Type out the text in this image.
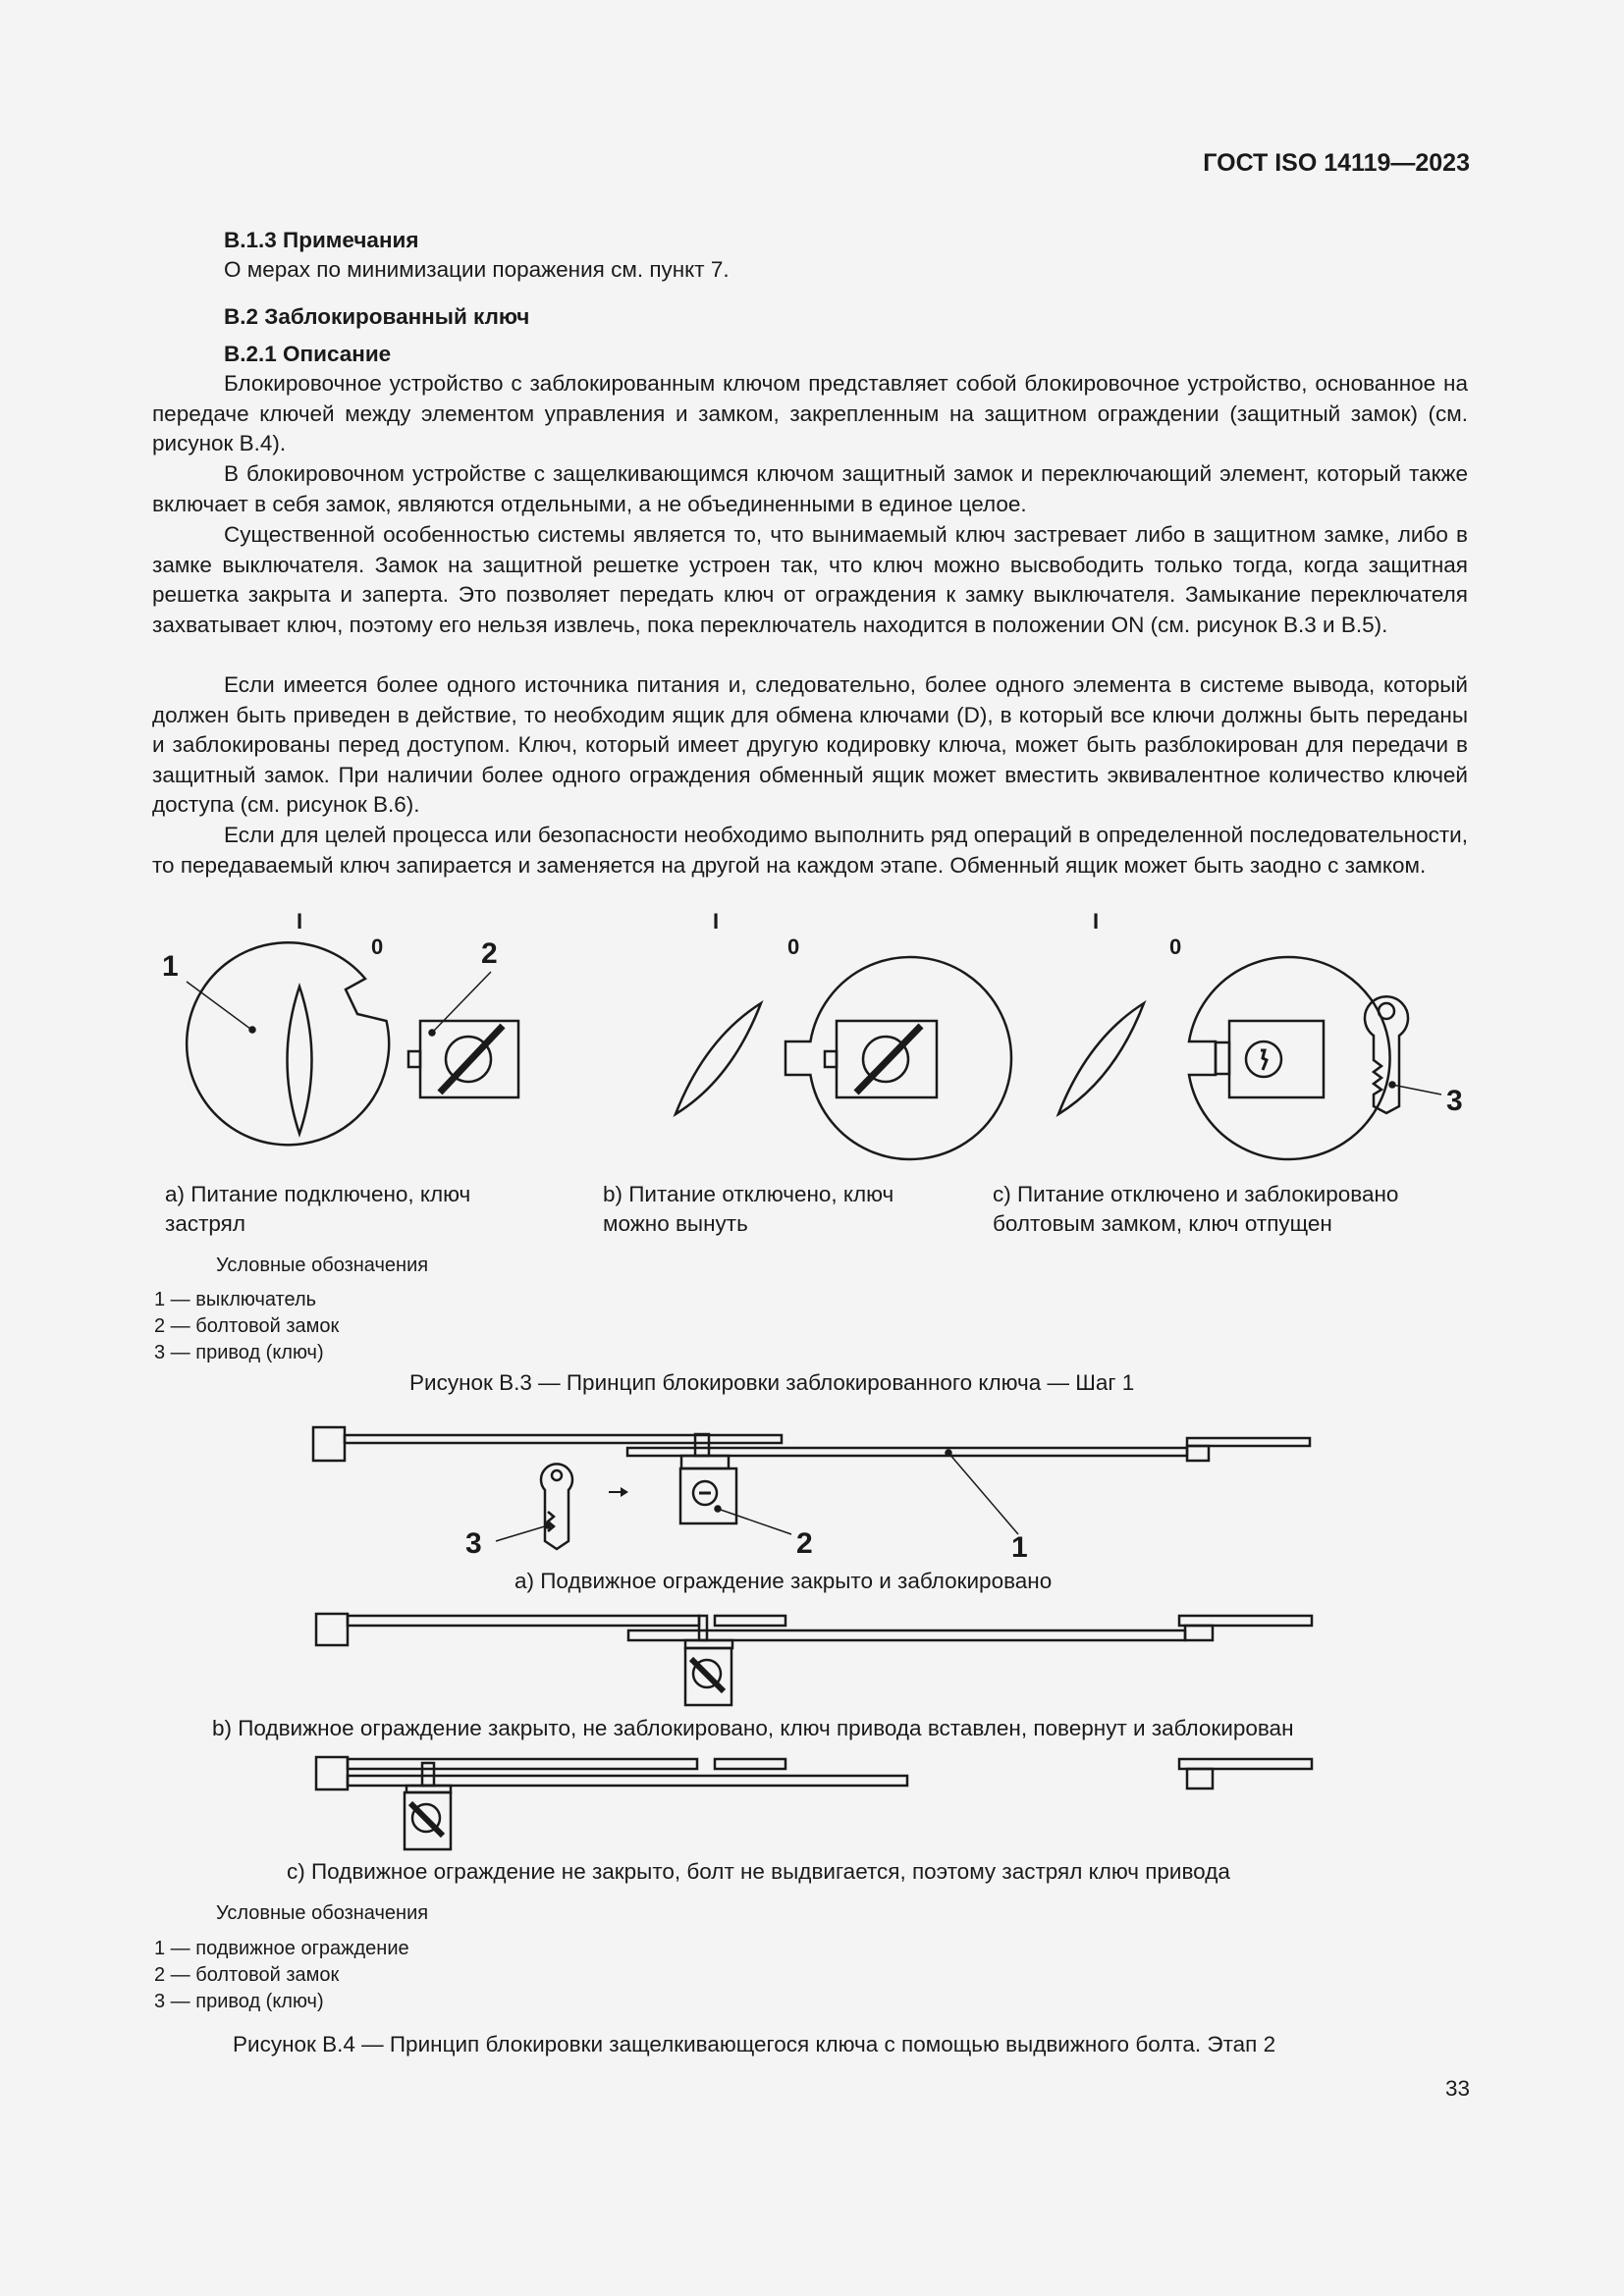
ГОСТ ISO 14119—2023
B.1.3 Примечания
О мерах по минимизации поражения см. пункт 7.
B.2 Заблокированный ключ
B.2.1 Описание

Блокировочное устройство с заблокированным ключом представляет собой блокировочное устройство, основанное на передаче ключей между элементом управления и замком, закрепленным на защитном ограждении (защитный замок) (см. рисунок B.4).

В блокировочном устройстве с защелкивающимся ключом защитный замок и переключающий элемент, который также включает в себя замок, являются отдельными, а не объединенными в единое целое.

Существенной особенностью системы является то, что вынимаемый ключ застревает либо в защитном замке, либо в замке выключателя. Замок на защитной решетке устроен так, что ключ можно высвободить только тогда, когда защитная решетка закрыта и заперта. Это позволяет передать ключ от ограждения к замку выключателя. Замыкание переключателя захватывает ключ, поэтому его нельзя извлечь, пока переключатель находится в положении ON (см. рисунок B.3 и B.5).

Если имеется более одного источника питания и, следовательно, более одного элемента в системе вывода, который должен быть приведен в действие, то необходим ящик для обмена ключами (D), в который все ключи должны быть переданы и заблокированы перед доступом. Ключ, который имеет другую кодировку ключа, может быть разблокирован для передачи в защитный замок. При наличии более одного ограждения обменный ящик может вместить эквивалентное количество ключей доступа (см. рисунок B.6).

Если для целей процесса или безопасности необходимо выполнить ряд операций в определенной последовательности, то передаваемый ключ запирается и заменяется на другой на каждом этапе. Обменный ящик может быть заодно с замком.

I
0
1	2
I
0
I
0
3
a) Питание подключено, ключ
застрял
b) Питание отключено, ключ
можно вынуть
c) Питание отключено и заблокировано
болтовым замком, ключ отпущен
Условные обозначения
1 — выключатель
2 — болтовой замок
3 — привод (ключ)
Рисунок B.3 — Принцип блокировки заблокированного ключа — Шаг 1
3	2	1
a) Подвижное ограждение закрыто и заблокировано
b) Подвижное ограждение закрыто, не заблокировано, ключ привода вставлен, повернут и заблокирован
c) Подвижное ограждение не закрыто, болт не выдвигается, поэтому застрял ключ привода
Условные обозначения
1 — подвижное ограждение
2 — болтовой замок
3 — привод (ключ)
Рисунок B.4 — Принцип блокировки защелкивающегося ключа с помощью выдвижного болта. Этап 2
33
